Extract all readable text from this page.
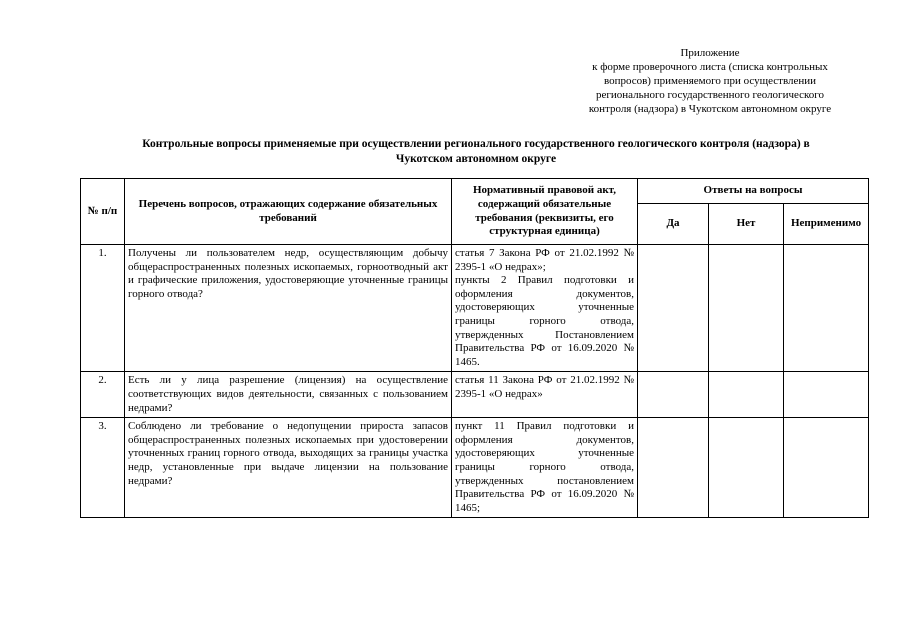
Приложение
к форме проверочного листа (списка контрольных
вопросов) применяемого при осуществлении
регионального государственного геологического
контроля (надзора) в Чукотском автономном округе
Контрольные вопросы применяемые при осуществлении регионального государственного геологического контроля (надзора) в
Чукотском автономном округе
№ п/п	Перечень вопросов, отражающих содержание обязательных требований	Нормативный правовой акт, содержащий обязательные требования (реквизиты, его структурная единица)	Ответы на вопросы		
			Да	Нет	Неприменимо
1.	Получены ли пользователем недр, осуществляющим добычу общераспространенных полезных ископаемых, горноотводный акт и графические приложения, удостоверяющие уточненные границы горного отвода?	статья 7 Закона РФ от 21.02.1992 № 2395-1 «О недрах»;
пункты 2 Правил подготовки и оформления документов, удостоверяющих уточненные границы горного отвода, утвержденных Постановлением Правительства РФ от 16.09.2020 № 1465.			

2.	Есть ли у лица разрешение (лицензия) на осуществление соответствующих видов деятельности, связанных с пользованием недрами?	статья 11 Закона РФ от 21.02.1992 № 2395-1 «О недрах»			

3.	Соблюдено ли требование о недопущении прироста запасов общераспространенных полезных ископаемых при удостоверении уточненных границ горного отвода, выходящих за границы участка недр, установленные при выдаче лицензии на пользование недрами?	пункт 11 Правил подготовки и оформления документов, удостоверяющих уточненные границы горного отвода, утвержденных постановлением Правительства РФ от 16.09.2020 № 1465;			
